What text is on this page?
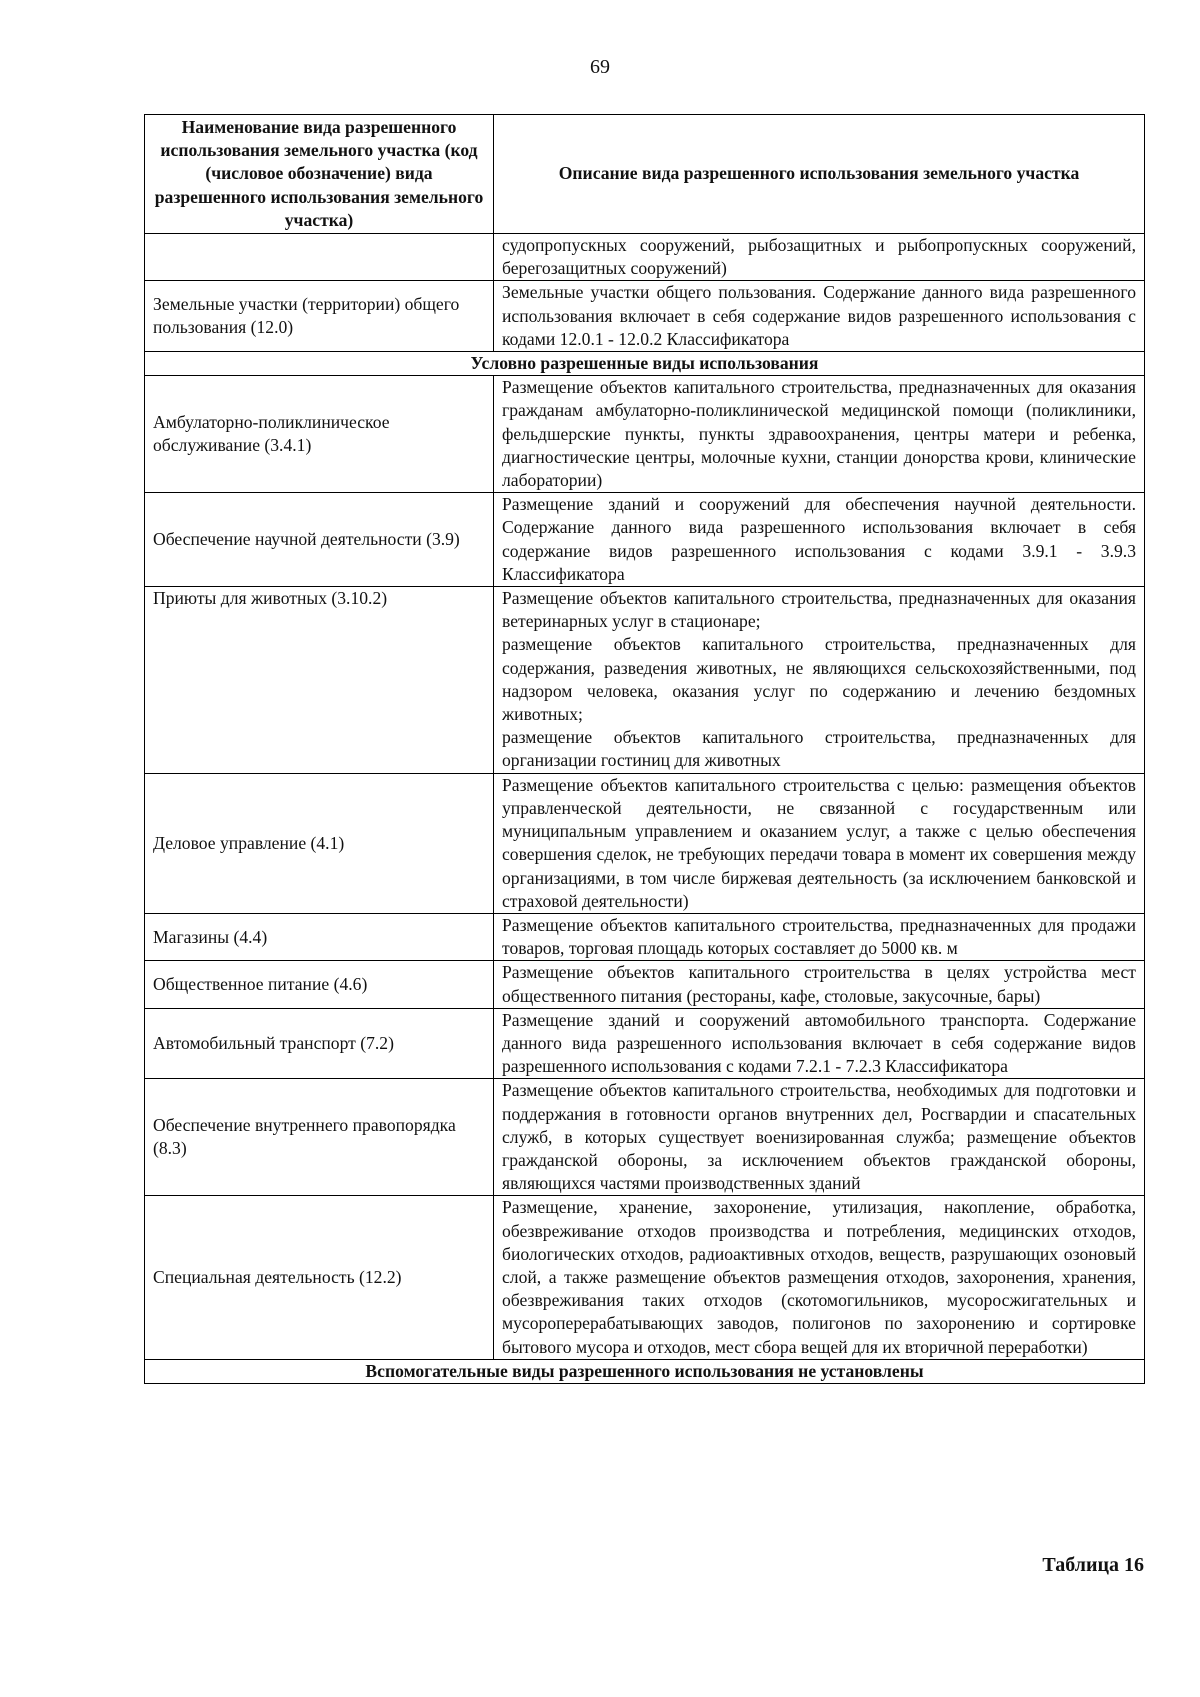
69
Наименование вида разрешенного использования земельного участка (код (числовое обозначение) вида разрешенного использования земельного участка)	Описание вида разрешенного использования земельного участка

	судопропускных сооружений, рыбозащитных и рыбопропускных сооружений, берегозащитных сооружений)

Земельные участки (территории) общего пользования (12.0)	Земельные участки общего пользования. Содержание данного вида разрешенного использования включает в себя содержание видов разрешенного использования с кодами 12.0.1 - 12.0.2 Классификатора

Условно разрешенные виды использования	
Амбулаторно-поликлиническое обслуживание (3.4.1)	Размещение объектов капитального строительства, предназначенных для оказания гражданам амбулаторно-поликлинической медицинской помощи (поликлиники, фельдшерские пункты, пункты здравоохранения, центры матери и ребенка, диагностические центры, молочные кухни, станции донорства крови, клинические лаборатории)

Обеспечение научной деятельности (3.9)	Размещение зданий и сооружений для обеспечения научной деятельности. Содержание данного вида разрешенного использования включает в себя содержание видов разрешенного использования с кодами 3.9.1 - 3.9.3 Классификатора

Приюты для животных (3.10.2)	Размещение объектов капитального строительства, предназначенных для оказания ветеринарных услуг в стационаре;

размещение объектов капитального строительства, предназначенных для содержания, разведения животных, не являющихся сельскохозяйственными, под надзором человека, оказания услуг по содержанию и лечению бездомных животных;

размещение объектов капитального строительства, предназначенных для организации гостиниц для животных

Деловое управление (4.1)	Размещение объектов капитального строительства с целью: размещения объектов управленческой деятельности, не связанной с государственным или муниципальным управлением и оказанием услуг, а также с целью обеспечения совершения сделок, не требующих передачи товара в момент их совершения между организациями, в том числе биржевая деятельность (за исключением банковской и страховой деятельности)

Магазины (4.4)	Размещение объектов капитального строительства, предназначенных для продажи товаров, торговая площадь которых составляет до 5000 кв. м

Общественное питание (4.6)	Размещение объектов капитального строительства в целях устройства мест общественного питания (рестораны, кафе, столовые, закусочные, бары)

Автомобильный транспорт (7.2)	Размещение зданий и сооружений автомобильного транспорта. Содержание данного вида разрешенного использования включает в себя содержание видов разрешенного использования с кодами 7.2.1 - 7.2.3 Классификатора

Обеспечение внутреннего правопорядка (8.3)	Размещение объектов капитального строительства, необходимых для подготовки и поддержания в готовности органов внутренних дел, Росгвардии и спасательных служб, в которых существует военизированная служба; размещение объектов гражданской обороны, за исключением объектов гражданской обороны, являющихся частями производственных зданий

Специальная деятельность (12.2)	Размещение, хранение, захоронение, утилизация, накопление, обработка, обезвреживание отходов производства и потребления, медицинских отходов, биологических отходов, радиоактивных отходов, веществ, разрушающих озоновый слой, а также размещение объектов размещения отходов, захоронения, хранения, обезвреживания таких отходов (скотомогильников, мусоросжигательных и мусороперерабатывающих заводов, полигонов по захоронению и сортировке бытового мусора и отходов, мест сбора вещей для их вторичной переработки)

Вспомогательные виды разрешенного использования не установлены	
Таблица 16
